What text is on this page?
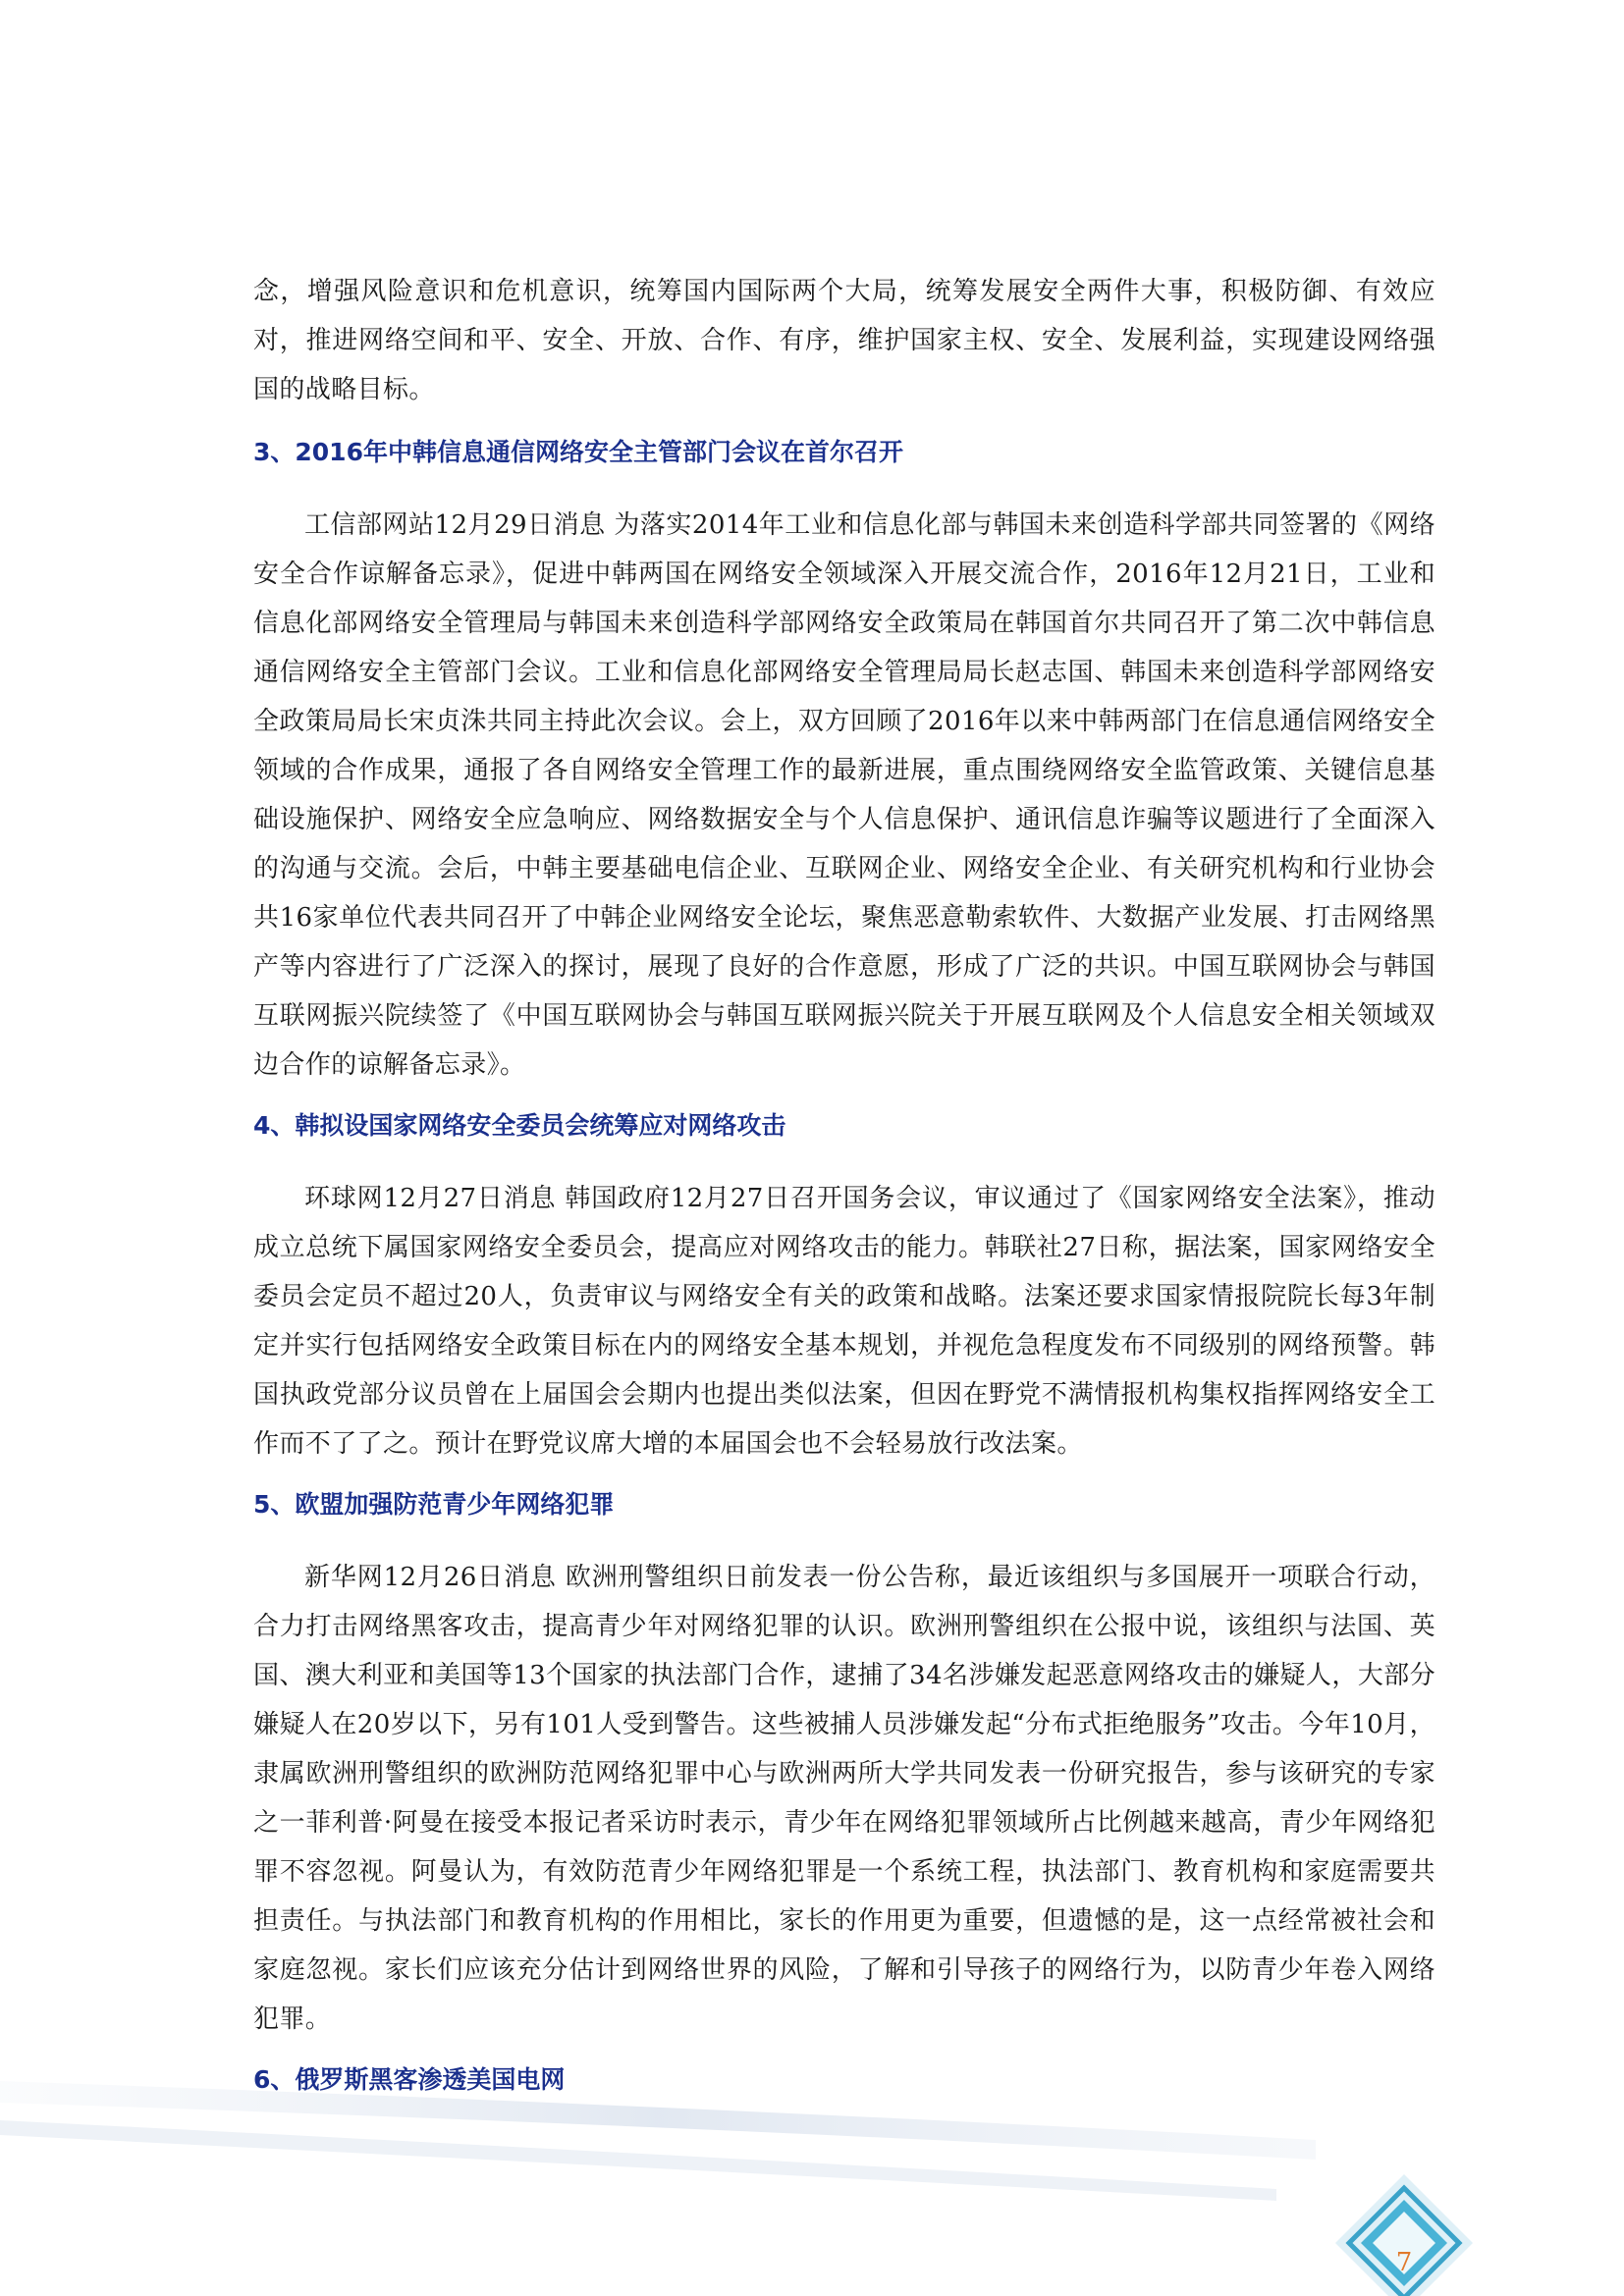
念，增强风险意识和危机意识，统筹国内国际两个大局，统筹发展安全两件大事，积极防御、有效应对，推进网络空间和平、安全、开放、合作、有序，维护国家主权、安全、发展利益，实现建设网络强国的战略目标。

3、2016年中韩信息通信网络安全主管部门会议在首尔召开

工信部网站12月29日消息 为落实2014年工业和信息化部与韩国未来创造科学部共同签署的《网络安全合作谅解备忘录》，促进中韩两国在网络安全领域深入开展交流合作，2016年12月21日，工业和信息化部网络安全管理局与韩国未来创造科学部网络安全政策局在韩国首尔共同召开了第二次中韩信息通信网络安全主管部门会议。工业和信息化部网络安全管理局局长赵志国、韩国未来创造科学部网络安全政策局局长宋贞洙共同主持此次会议。会上，双方回顾了2016年以来中韩两部门在信息通信网络安全领域的合作成果，通报了各自网络安全管理工作的最新进展，重点围绕网络安全监管政策、关键信息基础设施保护、网络安全应急响应、网络数据安全与个人信息保护、通讯信息诈骗等议题进行了全面深入的沟通与交流。会后，中韩主要基础电信企业、互联网企业、网络安全企业、有关研究机构和行业协会共16家单位代表共同召开了中韩企业网络安全论坛，聚焦恶意勒索软件、大数据产业发展、打击网络黑产等内容进行了广泛深入的探讨，展现了良好的合作意愿，形成了广泛的共识。中国互联网协会与韩国互联网振兴院续签了《中国互联网协会与韩国互联网振兴院关于开展互联网及个人信息安全相关领域双边合作的谅解备忘录》。

4、韩拟设国家网络安全委员会统筹应对网络攻击

环球网12月27日消息 韩国政府12月27日召开国务会议，审议通过了《国家网络安全法案》，推动成立总统下属国家网络安全委员会，提高应对网络攻击的能力。韩联社27日称，据法案，国家网络安全委员会定员不超过20人，负责审议与网络安全有关的政策和战略。法案还要求国家情报院院长每3年制定并实行包括网络安全政策目标在内的网络安全基本规划，并视危急程度发布不同级别的网络预警。韩国执政党部分议员曾在上届国会会期内也提出类似法案，但因在野党不满情报机构集权指挥网络安全工作而不了了之。预计在野党议席大增的本届国会也不会轻易放行改法案。

5、欧盟加强防范青少年网络犯罪

新华网12月26日消息 欧洲刑警组织日前发表一份公告称，最近该组织与多国展开一项联合行动，合力打击网络黑客攻击，提高青少年对网络犯罪的认识。欧洲刑警组织在公报中说，该组织与法国、英国、澳大利亚和美国等13个国家的执法部门合作，逮捕了34名涉嫌发起恶意网络攻击的嫌疑人，大部分嫌疑人在20岁以下，另有101人受到警告。这些被捕人员涉嫌发起“分布式拒绝服务”攻击。今年10月，隶属欧洲刑警组织的欧洲防范网络犯罪中心与欧洲两所大学共同发表一份研究报告，参与该研究的专家之一菲利普·阿曼在接受本报记者采访时表示，青少年在网络犯罪领域所占比例越来越高，青少年网络犯罪不容忽视。阿曼认为，有效防范青少年网络犯罪是一个系统工程，执法部门、教育机构和家庭需要共担责任。与执法部门和教育机构的作用相比，家长的作用更为重要，但遗憾的是，这一点经常被社会和家庭忽视。家长们应该充分估计到网络世界的风险，了解和引导孩子的网络行为，以防青少年卷入网络犯罪。

6、俄罗斯黑客渗透美国电网
7
